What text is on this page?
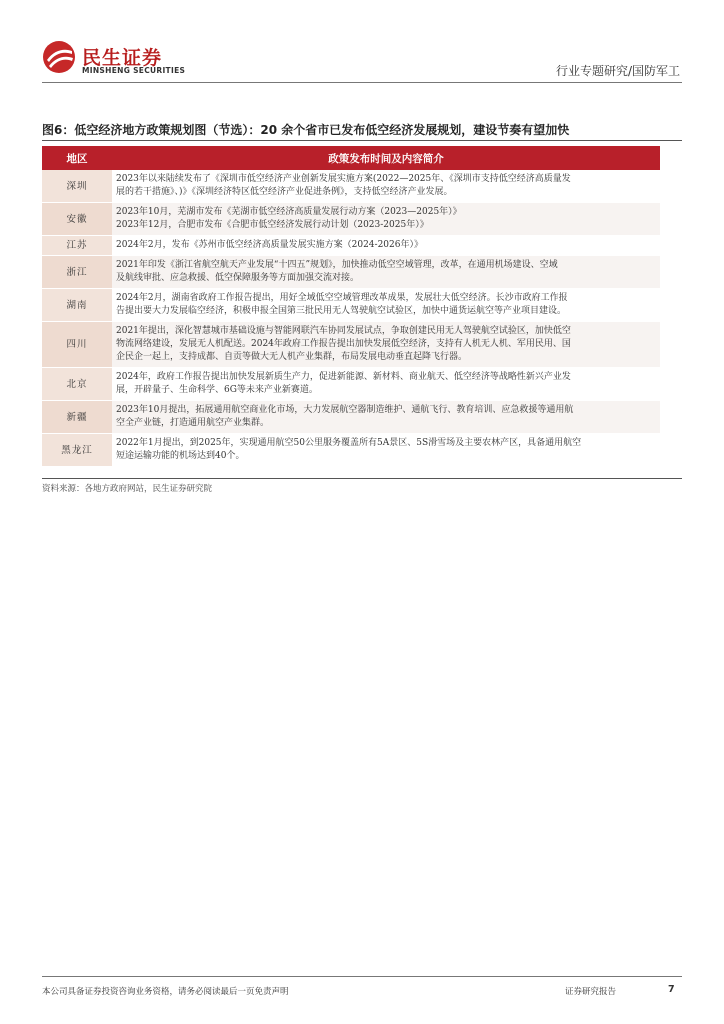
民生证券
MINSHENG SECURITIES	行业专题研究/国防军工
图6：低空经济地方政策规划图（节选）：20 余个省市已发布低空经济发展规划，建设节奏有望加快
地区	政策发布时间及内容简介
深圳	2023年以来陆续发布了《深圳市低空经济产业创新发展实施方案(2022—2025年、《深圳市支持低空经济高质量发
展的若干措施》、)》《深圳经济特区低空经济产业促进条例》，支持低空经济产业发展。

安徽	2023年10月，芜湖市发布《芜湖市低空经济高质量发展行动方案（2023—2025年）》
2023年12月，合肥市发布《合肥市低空经济发展行动计划（2023-2025年）》

江苏	2024年2月，发布《苏州市低空经济高质量发展实施方案（2024-2026年）》

浙江	2021年印发《浙江省航空航天产业发展“十四五”规划》，加快推动低空空域管理，改革，在通用机场建设、空域
及航线审批、应急救援、低空保障服务等方面加强交流对接。

湖南	2024年2月，湖南省政府工作报告提出，用好全域低空空域管理改革成果，发展壮大低空经济。长沙市政府工作报
告提出要大力发展临空经济，积极申报全国第三批民用无人驾驶航空试验区，加快中通货运航空等产业项目建设。

四川	2021年提出，深化智慧城市基础设施与智能网联汽车协同发展试点，争取创建民用无人驾驶航空试验区，加快低空
物流网络建设，发展无人机配送。2024年政府工作报告提出加快发展低空经济，支持有人机无人机、军用民用、国
企民企一起上，支持成都、自贡等做大无人机产业集群，布局发展电动垂直起降飞行器。

北京	2024年，政府工作报告提出加快发展新质生产力，促进新能源、新材料、商业航天、低空经济等战略性新兴产业发
展，开辟量子、生命科学、6G等未来产业新赛道。

新疆	2023年10月提出，拓展通用航空商业化市场，大力发展航空器制造维护、通航飞行、教育培训、应急救援等通用航
空全产业链，打造通用航空产业集群。

黑龙江	2022年1月提出，到2025年，实现通用航空50公里服务覆盖所有5A景区、5S滑雪场及主要农林产区，具备通用航空
短途运输功能的机场达到40个。
资料来源：各地方政府网站，民生证券研究院
本公司具备证券投资咨询业务资格，请务必阅读最后一页免责声明	证券研究报告	7
